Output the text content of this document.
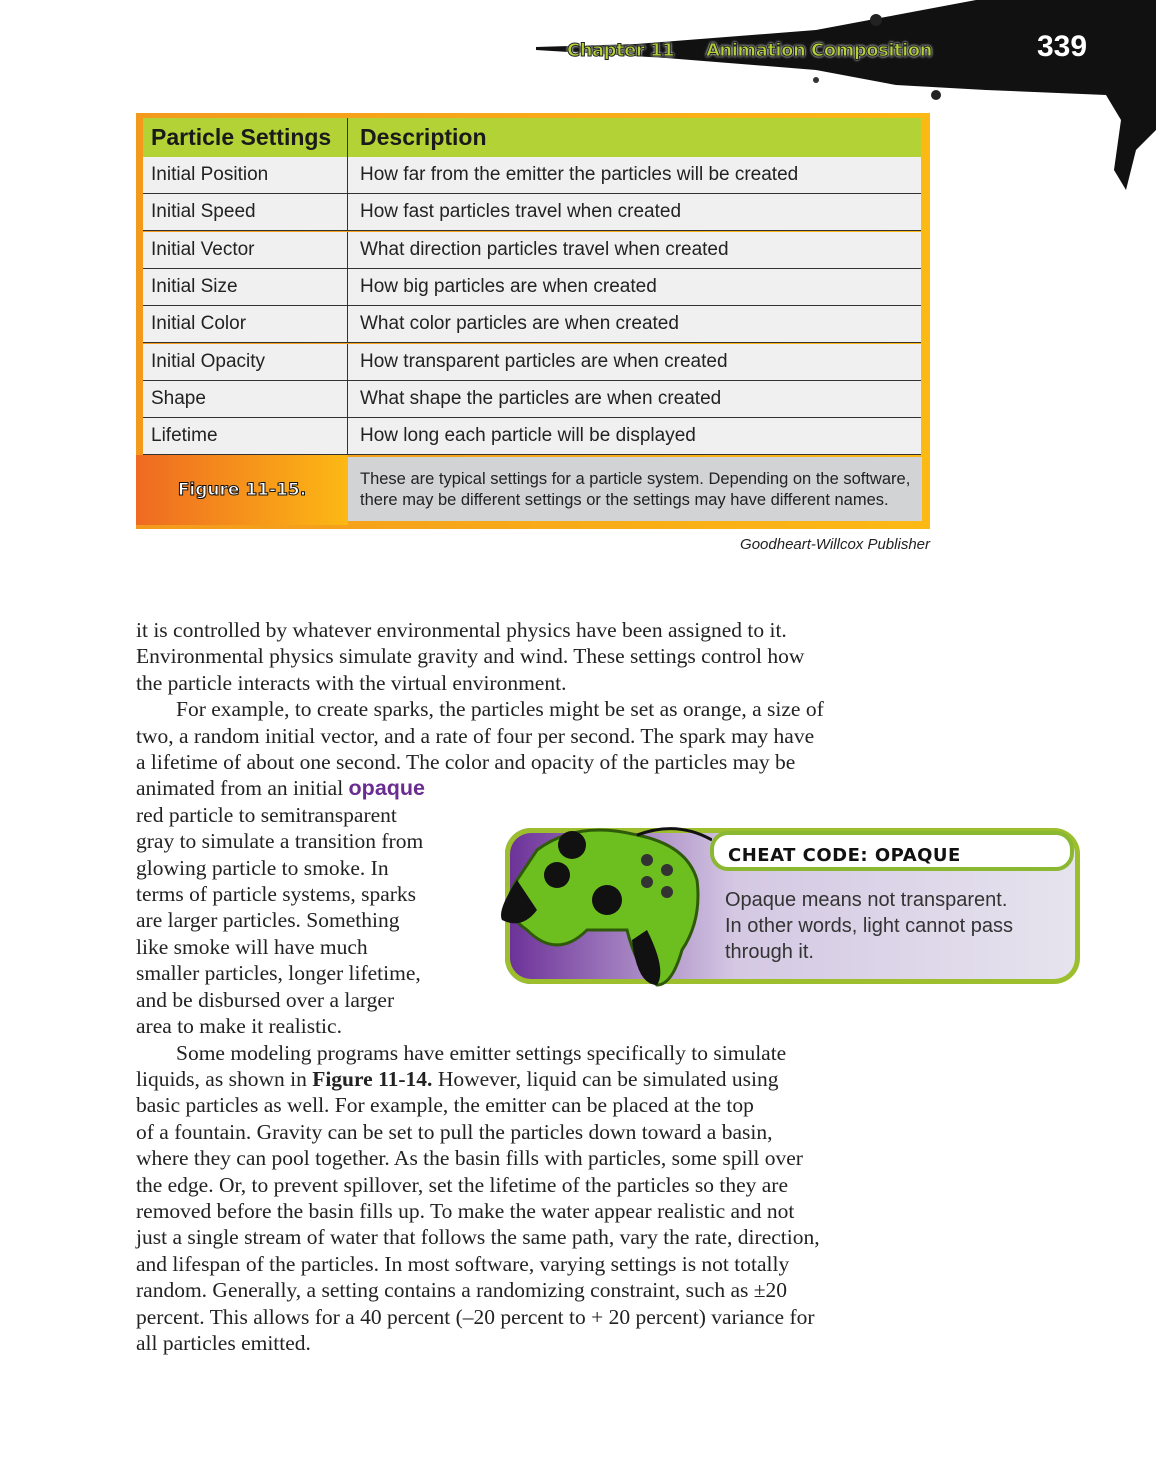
Chapter 11 Animation Composition	339
Particle Settings	Description
Initial Position	How far from the emitter the particles will be created
Initial Speed	How fast particles travel when created
Initial Vector	What direction particles travel when created
Initial Size	How big particles are when created
Initial Color	What color particles are when created
Initial Opacity	How transparent particles are when created
Shape	What shape the particles are when created
Lifetime	How long each particle will be displayed
Figure 11-15.
These are typical settings for a particle system. Depending on the software,
there may be different settings or the settings may have different names.
Goodheart-Willcox Publisher
it is controlled by whatever environmental physics have been assigned to it.
Environmental physics simulate gravity and wind. These settings control how
the particle interacts with the virtual environment.
For example, to create sparks, the particles might be set as orange, a size of
two, a random initial vector, and a rate of four per second. The spark may have
a lifetime of about one second. The color and opacity of the particles may be
animated from an initial opaque
red particle to semitransparent
gray to simulate a transition from
glowing particle to smoke. In
terms of particle systems, sparks
are larger particles. Something
like smoke will have much
smaller particles, longer lifetime,
and be disbursed over a larger
area to make it realistic.
Some modeling programs have emitter settings specifically to simulate
liquids, as shown in Figure 11-14. However, liquid can be simulated using
basic particles as well. For example, the emitter can be placed at the top
of a fountain. Gravity can be set to pull the particles down toward a basin,
where they can pool together. As the basin fills with particles, some spill over
the edge. Or, to prevent spillover, set the lifetime of the particles so they are
removed before the basin fills up. To make the water appear realistic and not
just a single stream of water that follows the same path, vary the rate, direction,
and lifespan of the particles. In most software, varying settings is not totally
random. Generally, a setting contains a randomizing constraint, such as ±20
percent. This allows for a 40 percent (–20 percent to + 20 percent) variance for
all particles emitted.
CHEAT CODE: OPAQUE
Opaque means not transparent.
In other words, light cannot pass
through it.
